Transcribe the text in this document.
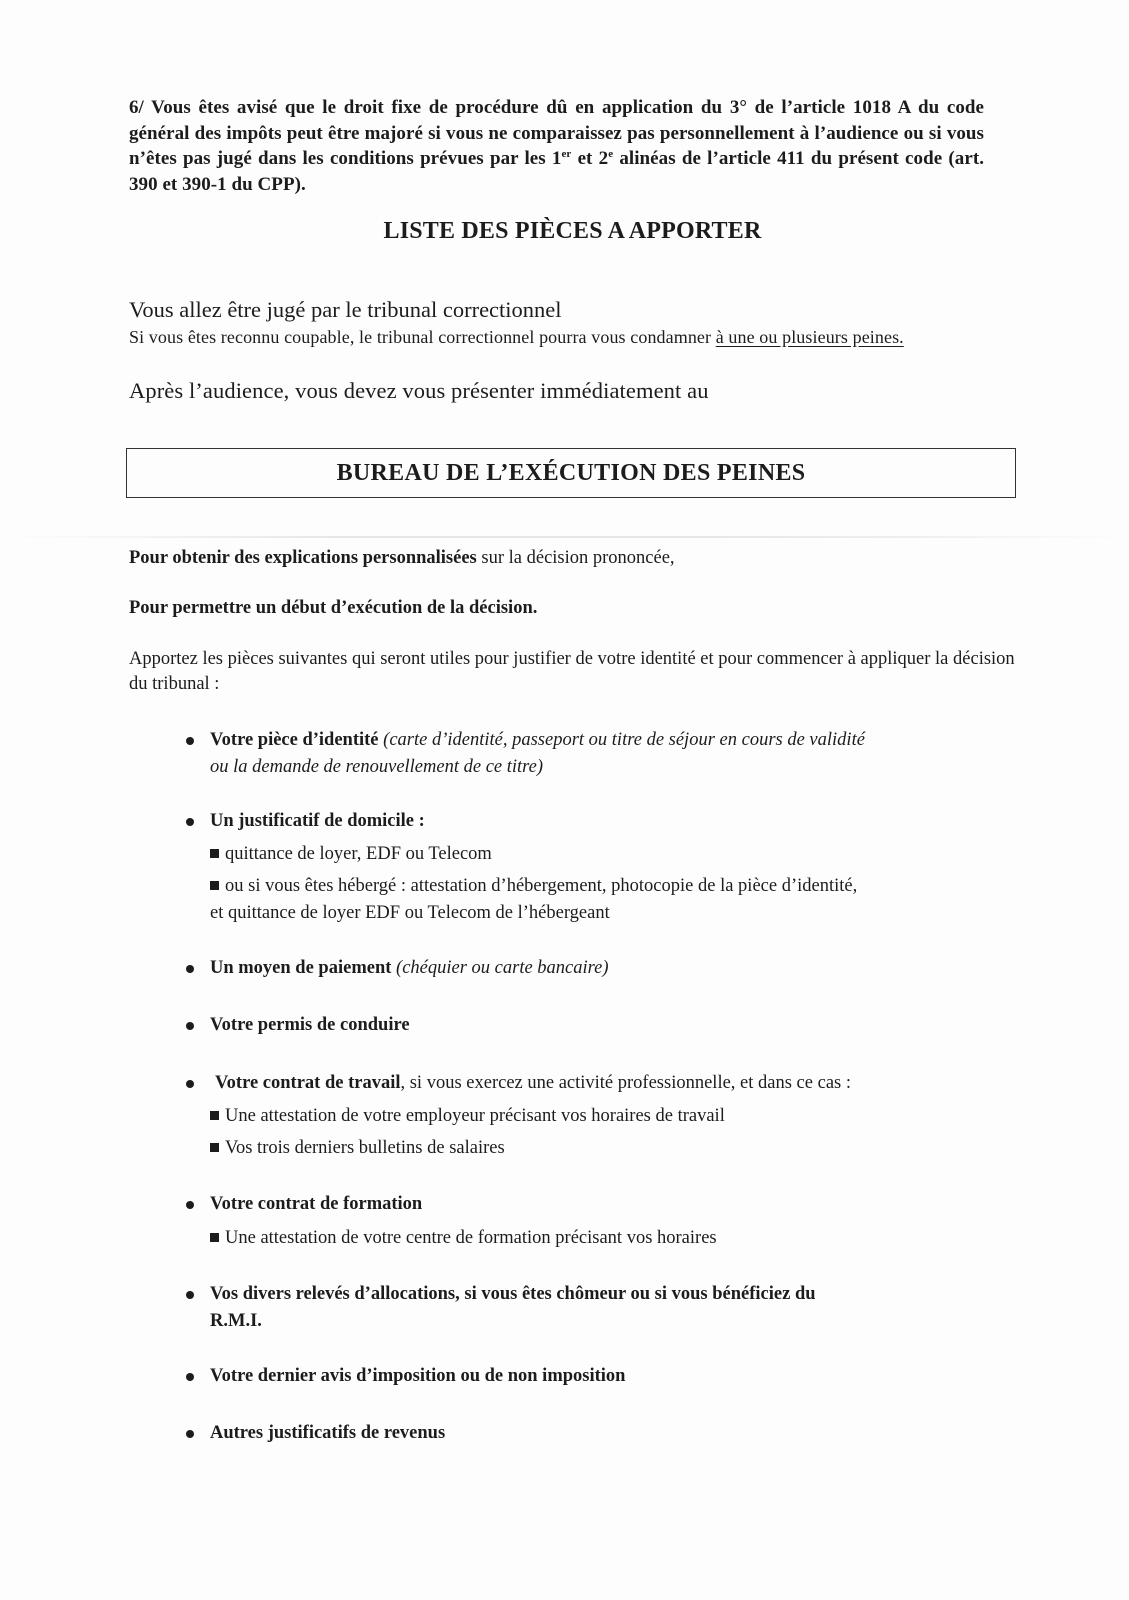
6/ Vous êtes avisé que le droit fixe de procédure dû en application du 3° de l’article 1018 A du code général des impôts peut être majoré si vous ne comparaissez pas personnellement à l’audience ou si vous n’êtes pas jugé dans les conditions prévues par les 1er et 2e alinéas de l’article 411 du présent code (art. 390 et 390-1 du CPP).

LISTE DES PIÈCES A APPORTER
Vous allez être jugé par le tribunal correctionnel
Si vous êtes reconnu coupable, le tribunal correctionnel pourra vous condamner à une ou plusieurs peines.
Après l’audience, vous devez vous présenter immédiatement au
BUREAU DE L’EXÉCUTION DES PEINES
Pour obtenir des explications personnalisées sur la décision prononcée,
Pour permettre un début d’exécution de la décision.
Apportez les pièces suivantes qui seront utiles pour justifier de votre identité et pour commencer à appliquer la décision du tribunal :
Votre pièce d’identité (carte d’identité, passeport ou titre de séjour en cours de validité
ou la demande de renouvellement de ce titre)
Un justificatif de domicile :
quittance de loyer, EDF ou Telecom
ou si vous êtes hébergé : attestation d’hébergement, photocopie de la pièce d’identité,
et quittance de loyer EDF ou Telecom de l’hébergeant
Un moyen de paiement (chéquier ou carte bancaire)
Votre permis de conduire
Votre contrat de travail, si vous exercez une activité professionnelle, et dans ce cas :
Une attestation de votre employeur précisant vos horaires de travail
Vos trois derniers bulletins de salaires
Votre contrat de formation
Une attestation de votre centre de formation précisant vos horaires
Vos divers relevés d’allocations, si vous êtes chômeur ou si vous bénéficiez du
R.M.I.
Votre dernier avis d’imposition ou de non imposition
Autres justificatifs de revenus
